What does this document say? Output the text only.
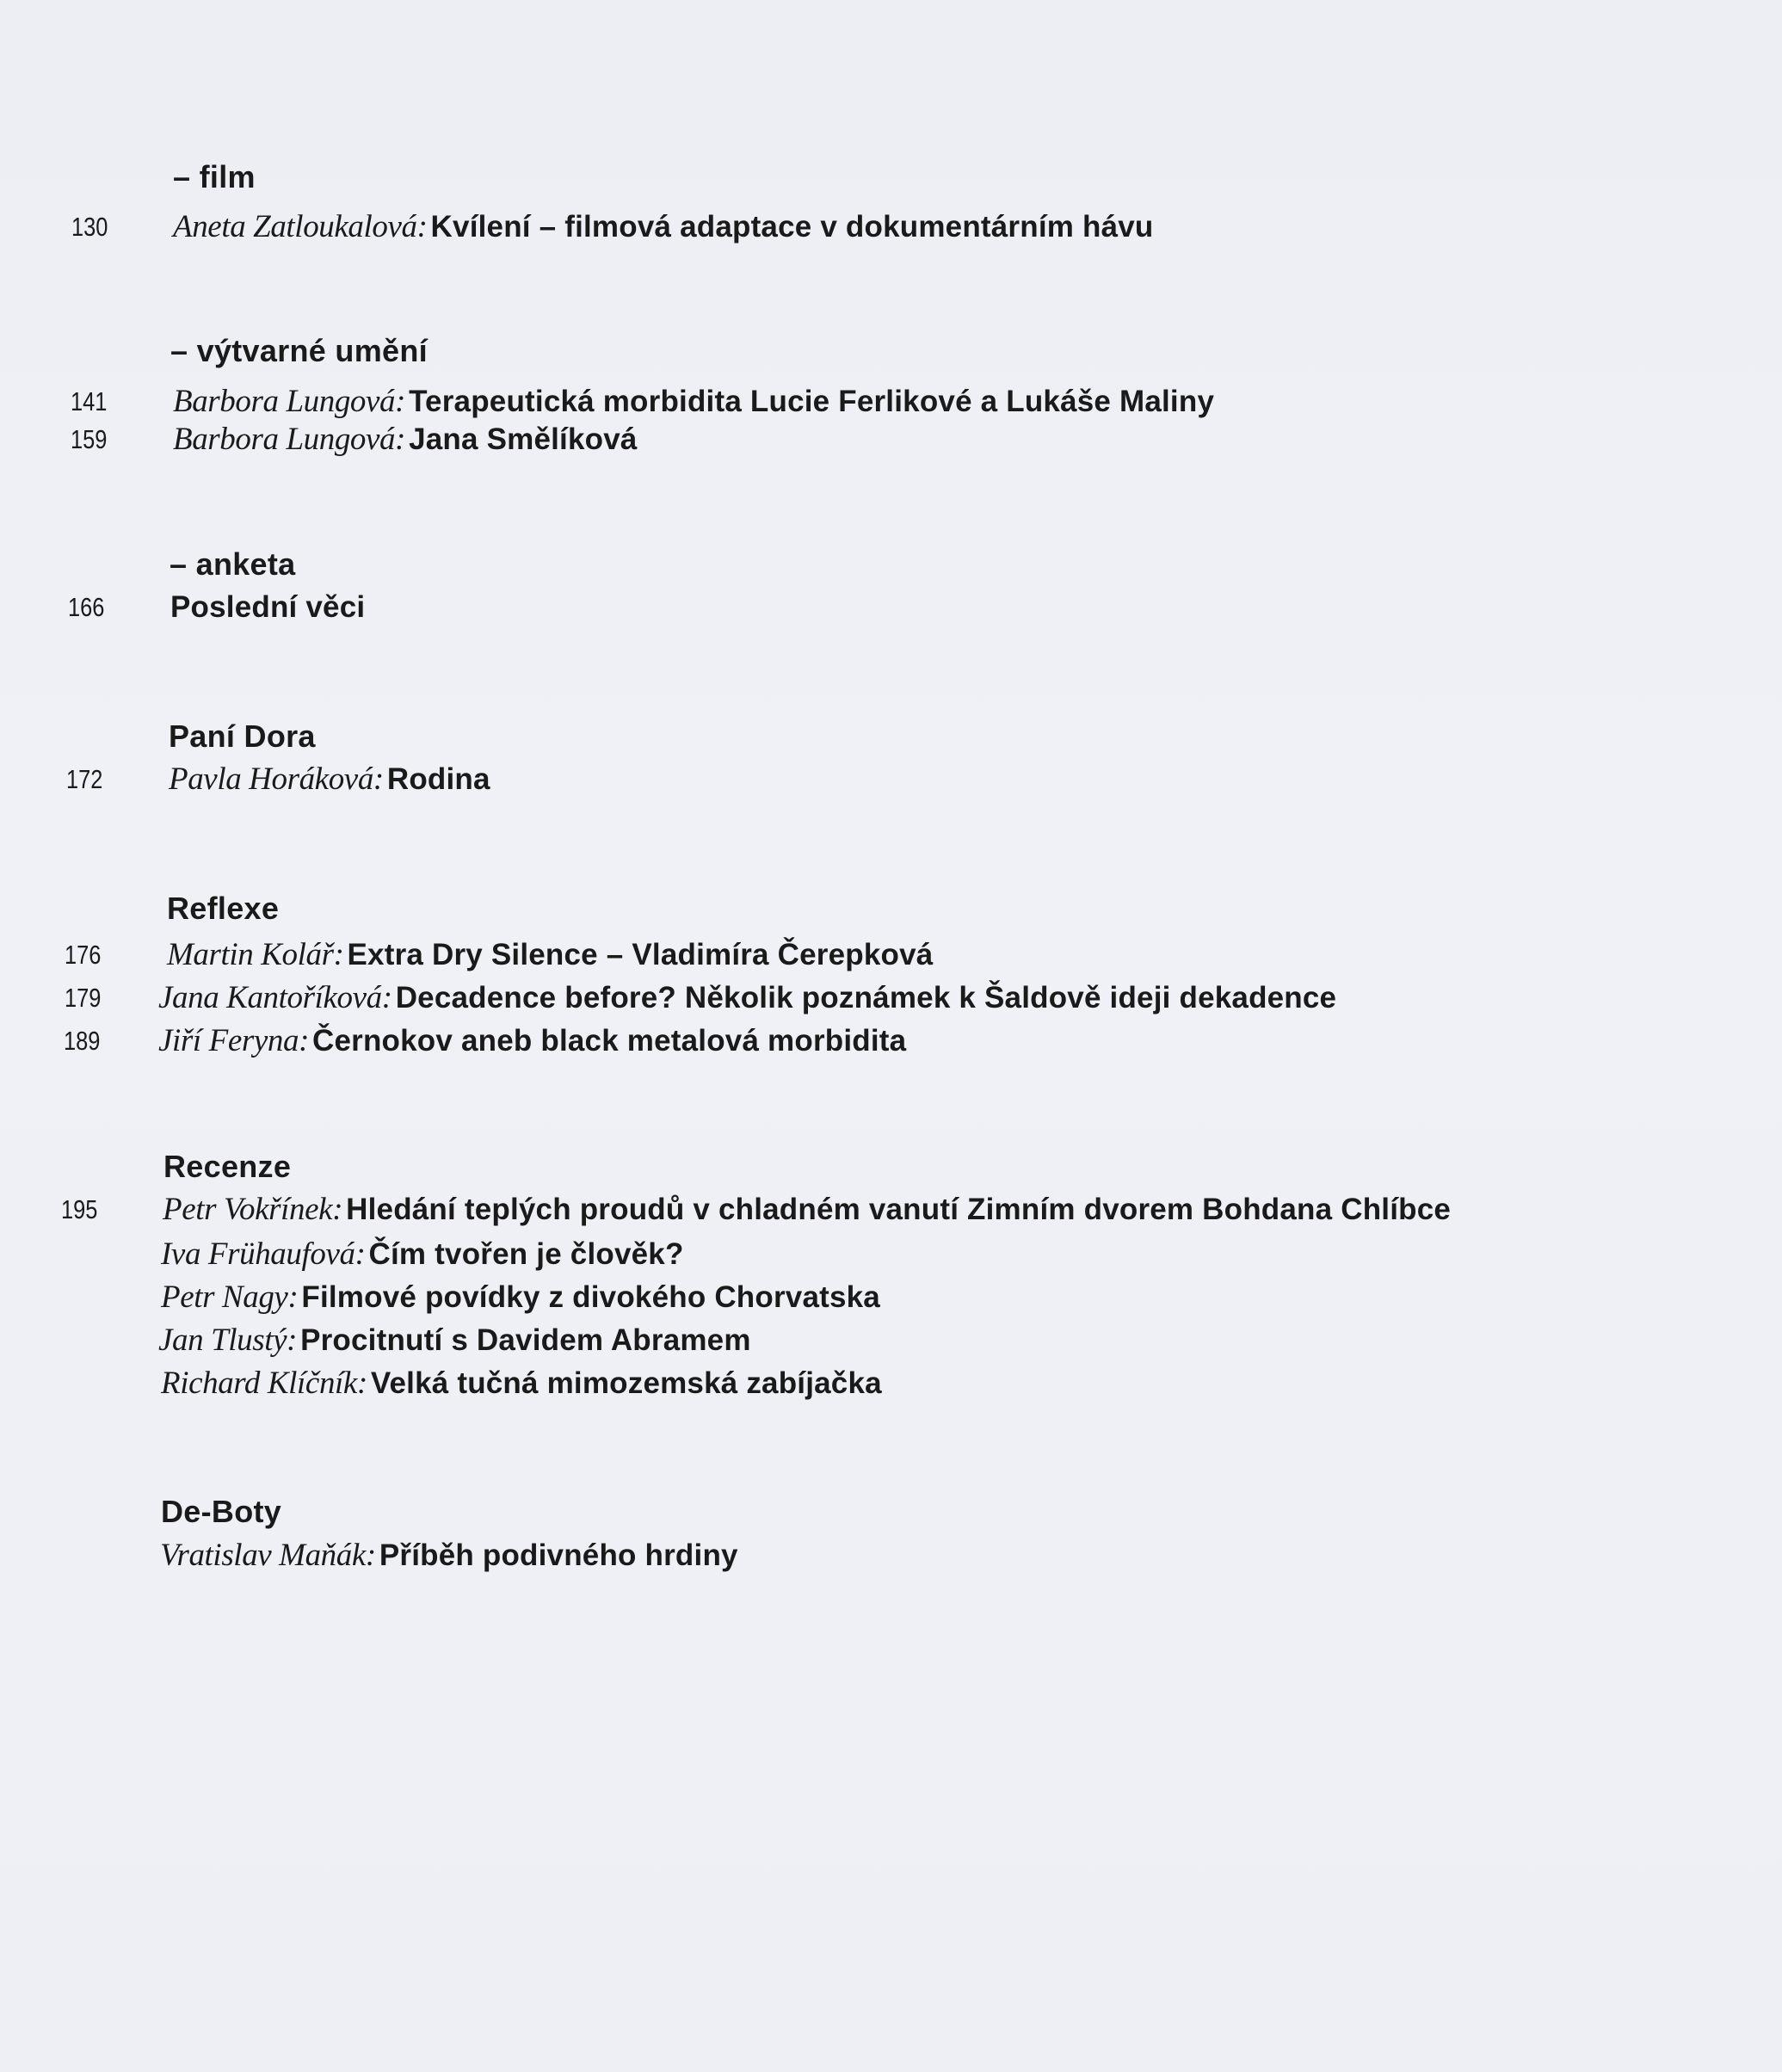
– film
130 Aneta Zatloukalová: Kvílení – filmová adaptace v dokumentárním hávu
– výtvarné umění
141 Barbora Lungová: Terapeutická morbidita Lucie Ferlikové a Lukáše Maliny
159 Barbora Lungová: Jana Smělíková
– anketa
166 Poslední věci
Paní Dora
172 Pavla Horáková: Rodina
Reflexe
176 Martin Kolář: Extra Dry Silence – Vladimíra Čerepková
179 Jana Kantoříková: Decadence before? Několik poznámek k Šaldově ideji dekadence
189 Jiří Feryna: Černokov aneb black metalová morbidita
Recenze
195 Petr Vokřínek: Hledání teplých proudů v chladném vanutí Zimním dvorem Bohdana Chlíbce
Iva Frühaufová: Čím tvořen je člověk?
Petr Nagy: Filmové povídky z divokého Chorvatska
Jan Tlustý: Procitnutí s Davidem Abramem
Richard Klíčník: Velká tučná mimozemská zabíjačka
De-Boty
Vratislav Maňák: Příběh podivného hrdiny
